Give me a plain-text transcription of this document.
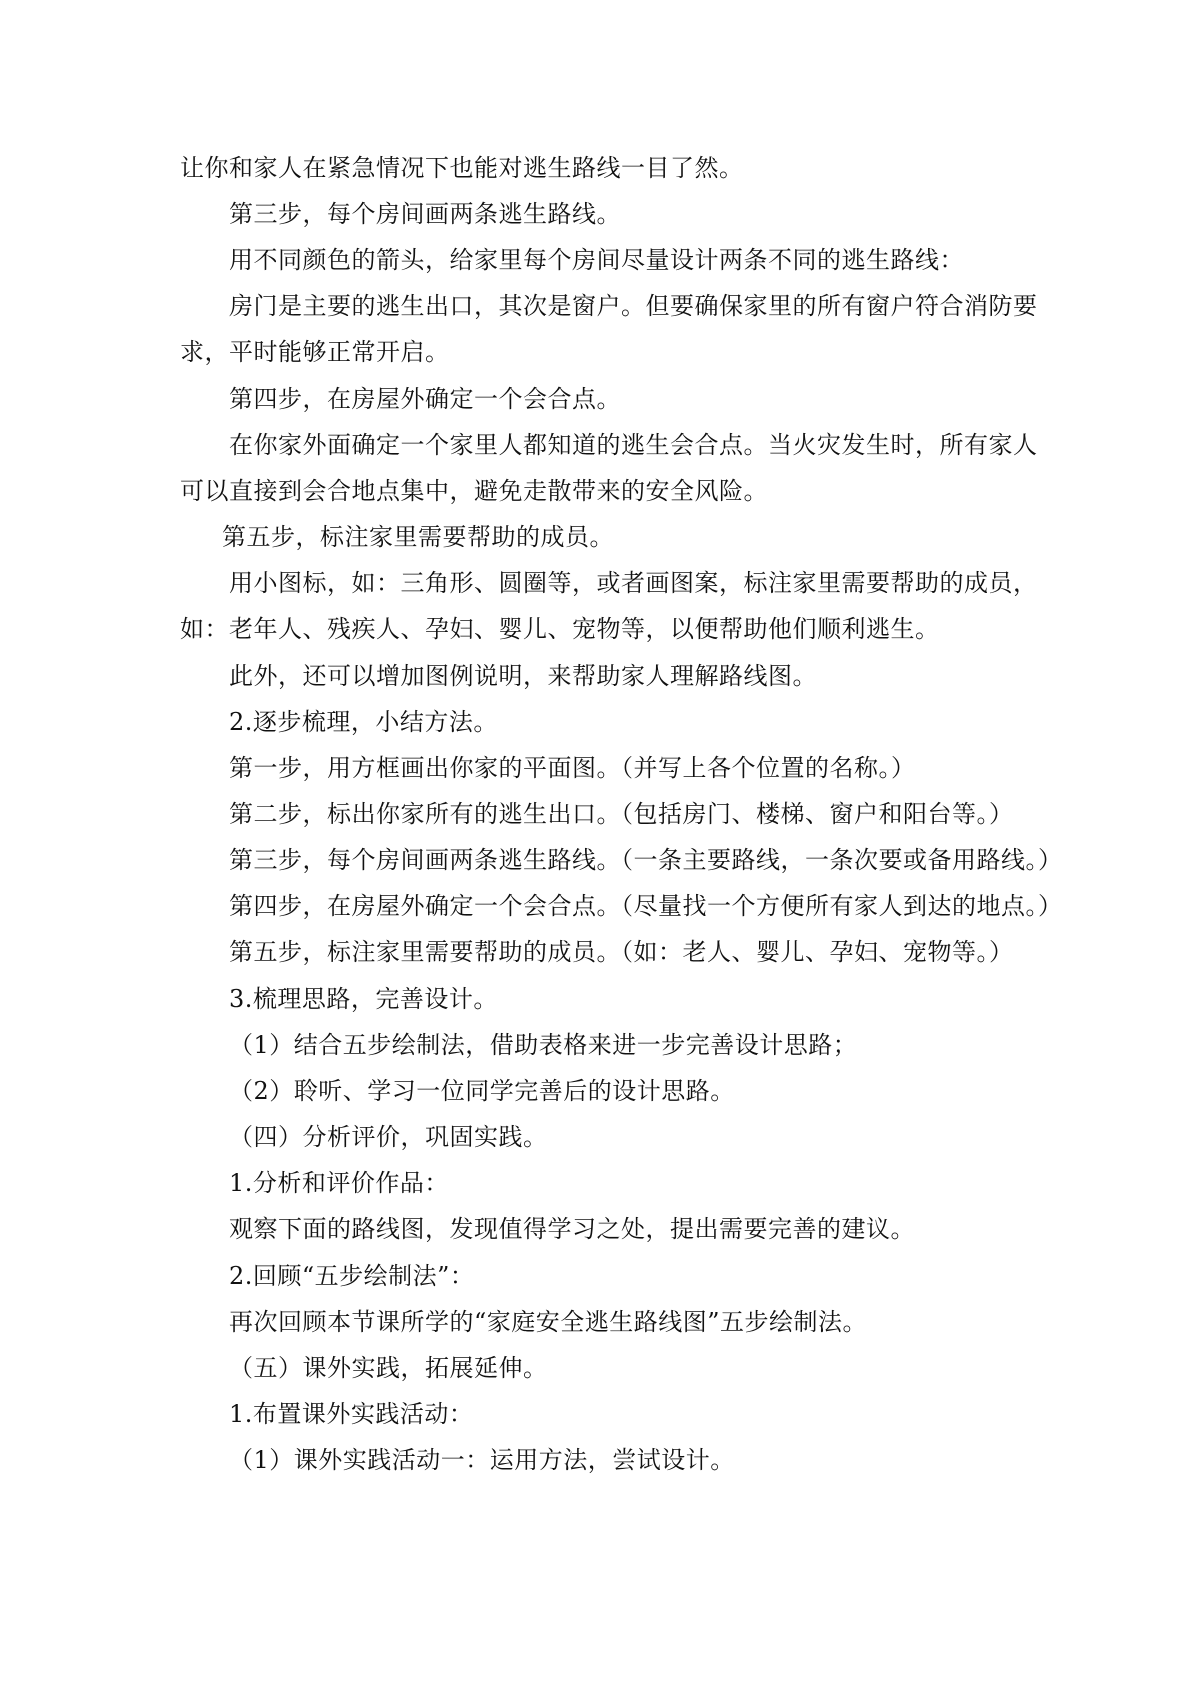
让你和家人在紧急情况下也能对逃生路线一目了然。
第三步，每个房间画两条逃生路线。
用不同颜色的箭头，给家里每个房间尽量设计两条不同的逃生路线：
房门是主要的逃生出口，其次是窗户。但要确保家里的所有窗户符合消防要
求，平时能够正常开启。
第四步，在房屋外确定一个会合点。
在你家外面确定一个家里人都知道的逃生会合点。当火灾发生时，所有家人
可以直接到会合地点集中，避免走散带来的安全风险。
第五步，标注家里需要帮助的成员。
用小图标，如：三角形、圆圈等，或者画图案，标注家里需要帮助的成员，
如：老年人、残疾人、孕妇、婴儿、宠物等，以便帮助他们顺利逃生。
此外，还可以增加图例说明，来帮助家人理解路线图。
2.逐步梳理，小结方法。
第一步，用方框画出你家的平面图。（并写上各个位置的名称。）
第二步，标出你家所有的逃生出口。（包括房门、楼梯、窗户和阳台等。）
第三步，每个房间画两条逃生路线。（一条主要路线，一条次要或备用路线。）
第四步，在房屋外确定一个会合点。（尽量找一个方便所有家人到达的地点。）
第五步，标注家里需要帮助的成员。（如：老人、婴儿、孕妇、宠物等。）
3.梳理思路，完善设计。
（1）结合五步绘制法，借助表格来进一步完善设计思路；
（2）聆听、学习一位同学完善后的设计思路。
（四）分析评价，巩固实践。
1.分析和评价作品：
观察下面的路线图，发现值得学习之处，提出需要完善的建议。
2.回顾“五步绘制法”：
再次回顾本节课所学的“家庭安全逃生路线图”五步绘制法。
（五）课外实践，拓展延伸。
1.布置课外实践活动：
（1）课外实践活动一：运用方法，尝试设计。
